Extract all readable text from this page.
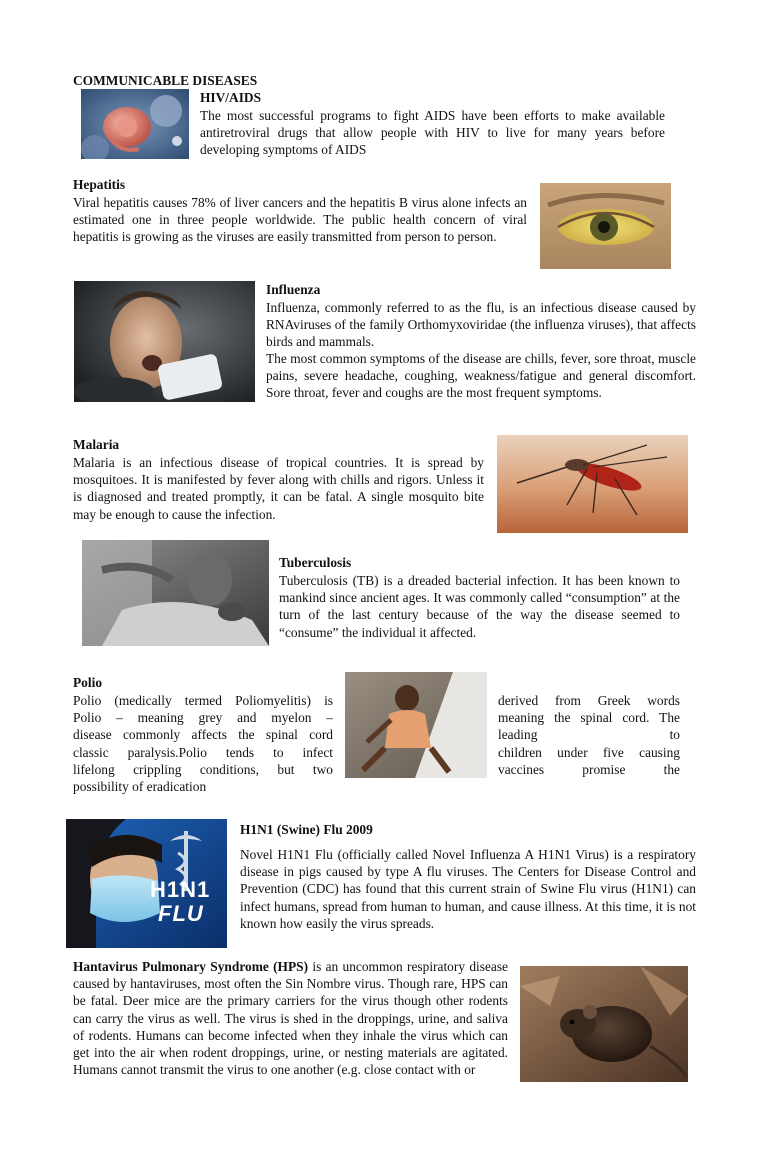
COMMUNICABLE DISEASES
HIV/AIDS
The most successful programs to fight AIDS have been efforts to make available antiretroviral drugs that allow people with HIV to live for many years before developing symptoms of AIDS
Hepatitis
Viral hepatitis causes 78% of liver cancers and the hepatitis B virus alone infects an estimated one in three people worldwide. The public health concern of viral hepatitis is growing as the viruses are easily transmitted from person to person.
Influenza
Influenza, commonly referred to as the flu, is an infectious disease caused by RNAviruses of the family Orthomyxoviridae (the influenza viruses), that affects birds and mammals.
The most common symptoms of the disease are chills, fever, sore throat, muscle pains, severe headache, coughing, weakness/fatigue and general discomfort. Sore throat, fever and coughs are the most frequent symptoms.
Malaria
Malaria is an infectious disease of tropical countries. It is spread by mosquitoes. It is manifested by fever along with chills and rigors. Unless it is diagnosed and treated promptly, it can be fatal. A single mosquito bite may be enough to cause the infection.
Tuberculosis
Tuberculosis (TB) is a dreaded bacterial infection. It has been known to mankind since ancient ages. It was commonly called “consumption” at the turn of the last century because of the way the disease seemed to “consume” the individual it affected.
Polio
Polio (medically termed Poliomyelitis) is
Polio – meaning grey and myelon –
disease commonly affects the spinal cord
classic paralysis.Polio tends to infect
lifelong crippling conditions, but two
possibility of eradication
derived from Greek words
meaning the spinal cord. The
leading to
children under five causing
vaccines promise the
H1N1
FLU
H1N1 (Swine) Flu 2009
Novel H1N1 Flu (officially called Novel Influenza A H1N1 Virus) is a respiratory disease in pigs caused by type A flu viruses. The Centers for Disease Control and Prevention (CDC) has found that this current strain of Swine Flu virus (H1N1) can infect humans, spread from human to human, and cause illness. At this time, it is not known how easily the virus spreads.
Hantavirus Pulmonary Syndrome (HPS) is an uncommon respiratory disease caused by hantaviruses, most often the Sin Nombre virus. Though rare, HPS can be fatal. Deer mice are the primary carriers for the virus though other rodents can carry the virus as well. The virus is shed in the droppings, urine, and saliva of rodents. Humans can become infected when they inhale the virus which can get into the air when rodent droppings, urine, or nesting materials are agitated. Humans cannot transmit the virus to one another (e.g. close contact with or
